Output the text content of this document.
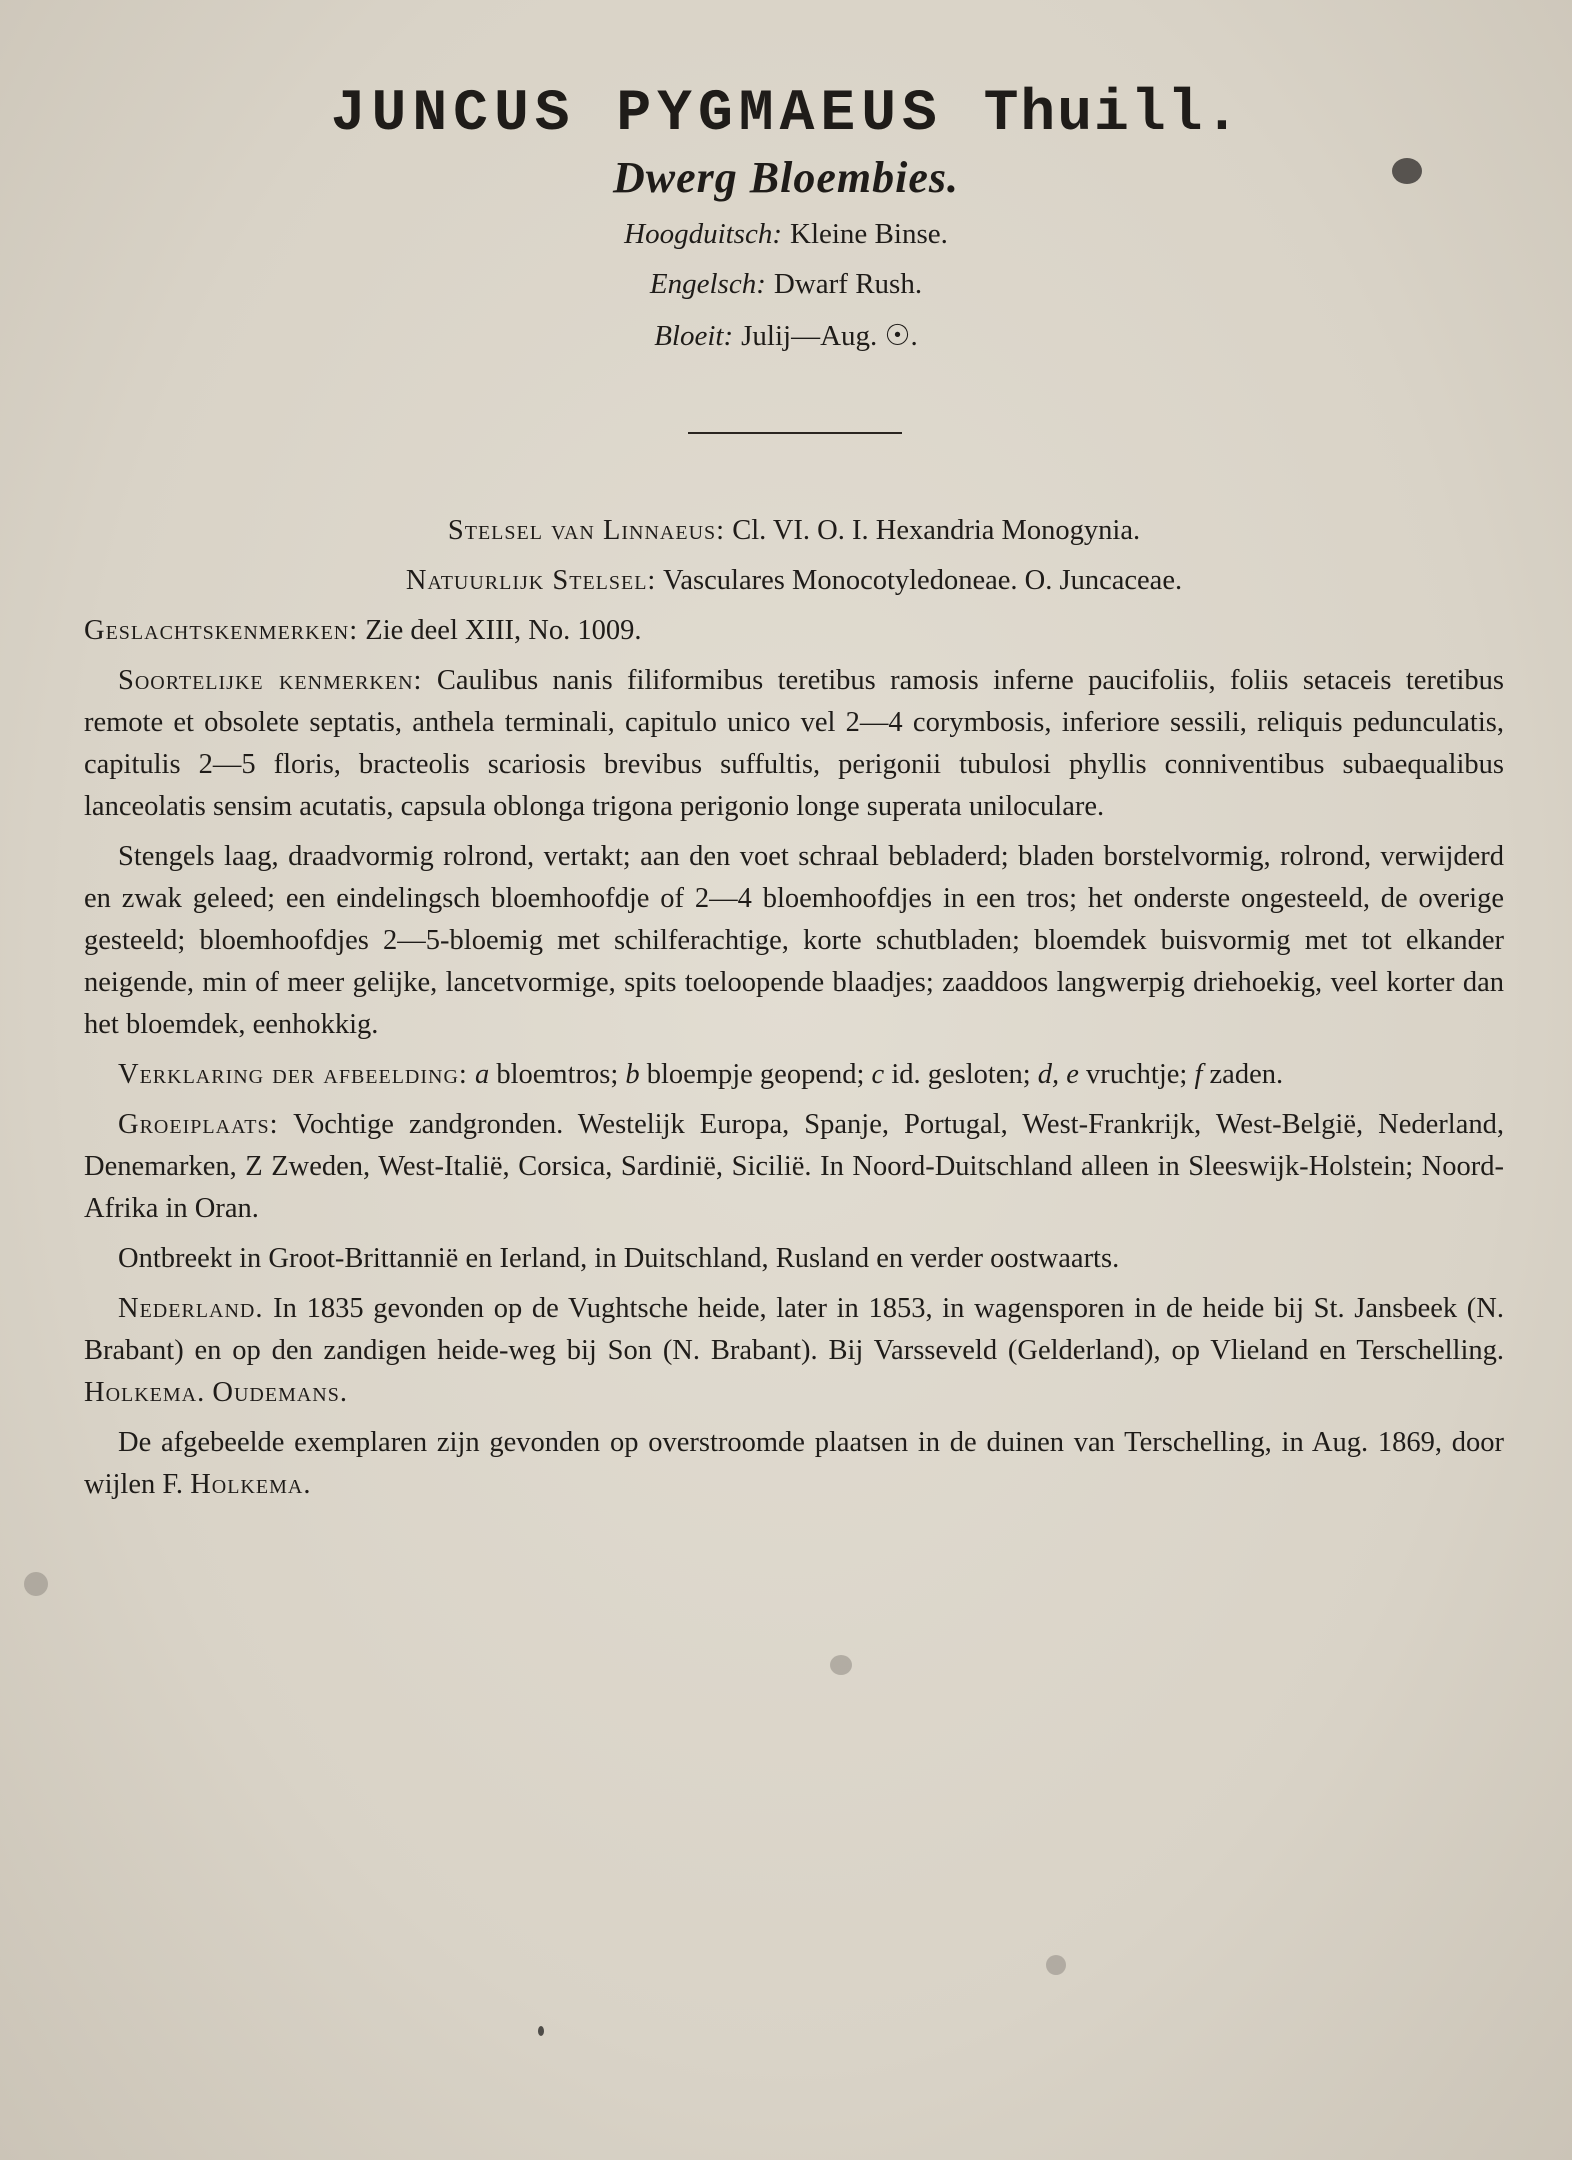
JUNCUS PYGMAEUS Thuill.
Dwerg Bloembies.
Hoogduitsch: Kleine Binse.
Engelsch: Dwarf Rush.
Bloeit: Julij—Aug. ☉.

Stelsel van Linnaeus: Cl. VI. O. I. Hexandria Monogynia.

Natuurlijk Stelsel: Vasculares Monocotyledoneae. O. Juncaceae.

Geslachtskenmerken: Zie deel XIII, No. 1009.

Soortelijke kenmerken: Caulibus nanis filiformibus teretibus ramosis inferne paucifoliis, foliis setaceis teretibus remote et obsolete septatis, anthela terminali, capitulo unico vel 2—4 corymbosis, inferiore sessili, reliquis pedunculatis, capitulis 2—5 floris, bracteolis scariosis brevibus suffultis, perigonii tubulosi phyllis conniventibus subaequalibus lanceolatis sensim acutatis, capsula oblonga trigona perigonio longe superata uniloculare.

Stengels laag, draadvormig rolrond, vertakt; aan den voet schraal bebladerd; bladen borstelvormig, rolrond, verwijderd en zwak geleed; een eindelingsch bloemhoofdje of 2—4 bloemhoofdjes in een tros; het onderste ongesteeld, de overige gesteeld; bloemhoofdjes 2—5-bloemig met schilferachtige, korte schutbladen; bloemdek buisvormig met tot elkander neigende, min of meer gelijke, lancetvormige, spits toeloopende blaadjes; zaaddoos langwerpig driehoekig, veel korter dan het bloemdek, eenhokkig.

Verklaring der afbeelding: a bloemtros; b bloempje geopend; c id. gesloten; d, e vruchtje; f zaden.

Groeiplaats: Vochtige zandgronden. Westelijk Europa, Spanje, Portugal, West-Frankrijk, West-België, Nederland, Denemarken, Z Zweden, West-Italië, Corsica, Sardinië, Sicilië. In Noord-Duitschland alleen in Sleeswijk-Holstein; Noord-Afrika in Oran.

Ontbreekt in Groot-Brittannië en Ierland, in Duitschland, Rusland en verder oostwaarts.

Nederland. In 1835 gevonden op de Vughtsche heide, later in 1853, in wagensporen in de heide bij St. Jansbeek (N. Brabant) en op den zandigen heide-weg bij Son (N. Brabant). Bij Varsseveld (Gelderland), op Vlieland en Terschelling. Holkema. Oudemans.

De afgebeelde exemplaren zijn gevonden op overstroomde plaatsen in de duinen van Terschelling, in Aug. 1869, door wijlen F. Holkema.
